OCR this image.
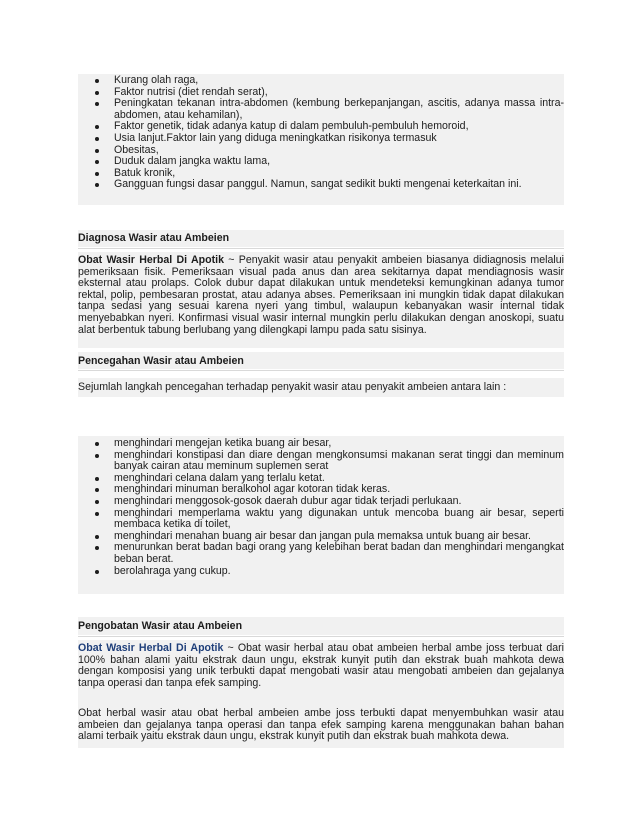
Kurang olah raga,
Faktor nutrisi (diet rendah serat),
Peningkatan tekanan intra-abdomen (kembung berkepanjangan, ascitis, adanya massa intra-abdomen, atau kehamilan),
Faktor genetik, tidak adanya katup di dalam pembuluh-pembuluh hemoroid,
Usia lanjut.Faktor lain yang diduga meningkatkan risikonya termasuk
Obesitas,
Duduk dalam jangka waktu lama,
Batuk kronik,
Gangguan fungsi dasar panggul. Namun, sangat sedikit bukti mengenai keterkaitan ini.
Diagnosa Wasir atau Ambeien
Obat Wasir Herbal Di Apotik ~ Penyakit wasir atau penyakit ambeien biasanya didiagnosis melalui pemeriksaan fisik. Pemeriksaan visual pada anus dan area sekitarnya dapat mendiagnosis wasir eksternal atau prolaps. Colok dubur dapat dilakukan untuk mendeteksi kemungkinan adanya tumor rektal, polip, pembesaran prostat, atau adanya abses. Pemeriksaan ini mungkin tidak dapat dilakukan tanpa sedasi yang sesuai karena nyeri yang timbul, walaupun kebanyakan wasir internal tidak menyebabkan nyeri. Konfirmasi visual wasir internal mungkin perlu dilakukan dengan anoskopi, suatu alat berbentuk tabung berlubang yang dilengkapi lampu pada satu sisinya.
Pencegahan Wasir atau Ambeien
Sejumlah langkah pencegahan terhadap penyakit wasir atau penyakit ambeien antara lain :
menghindari mengejan ketika buang air besar,
menghindari konstipasi dan diare dengan mengkonsumsi makanan serat tinggi dan meminum banyak cairan atau meminum suplemen serat
menghindari celana dalam yang terlalu ketat.
menghindari minuman beralkohol agar kotoran tidak keras.
menghindari menggosok-gosok daerah dubur agar tidak terjadi perlukaan.
menghindari memperlama waktu yang digunakan untuk mencoba buang air besar, seperti membaca ketika di toilet,
menghindari menahan buang air besar dan jangan pula memaksa untuk buang air besar.
menurunkan berat badan bagi orang yang kelebihan berat badan dan menghindari mengangkat beban berat.
berolahraga yang cukup.
Pengobatan Wasir atau Ambeien
Obat Wasir Herbal Di Apotik ~ Obat wasir herbal atau obat ambeien herbal ambe joss terbuat dari 100% bahan alami yaitu ekstrak daun ungu, ekstrak kunyit putih dan ekstrak buah mahkota dewa dengan komposisi yang unik terbukti dapat mengobati wasir atau mengobati ambeien dan gejalanya tanpa operasi dan tanpa efek samping.
Obat herbal wasir atau obat herbal ambeien ambe joss terbukti dapat menyembuhkan wasir atau ambeien dan gejalanya tanpa operasi dan tanpa efek samping karena menggunakan bahan bahan alami terbaik yaitu ekstrak daun ungu, ekstrak kunyit putih dan ekstrak buah mahkota dewa.
